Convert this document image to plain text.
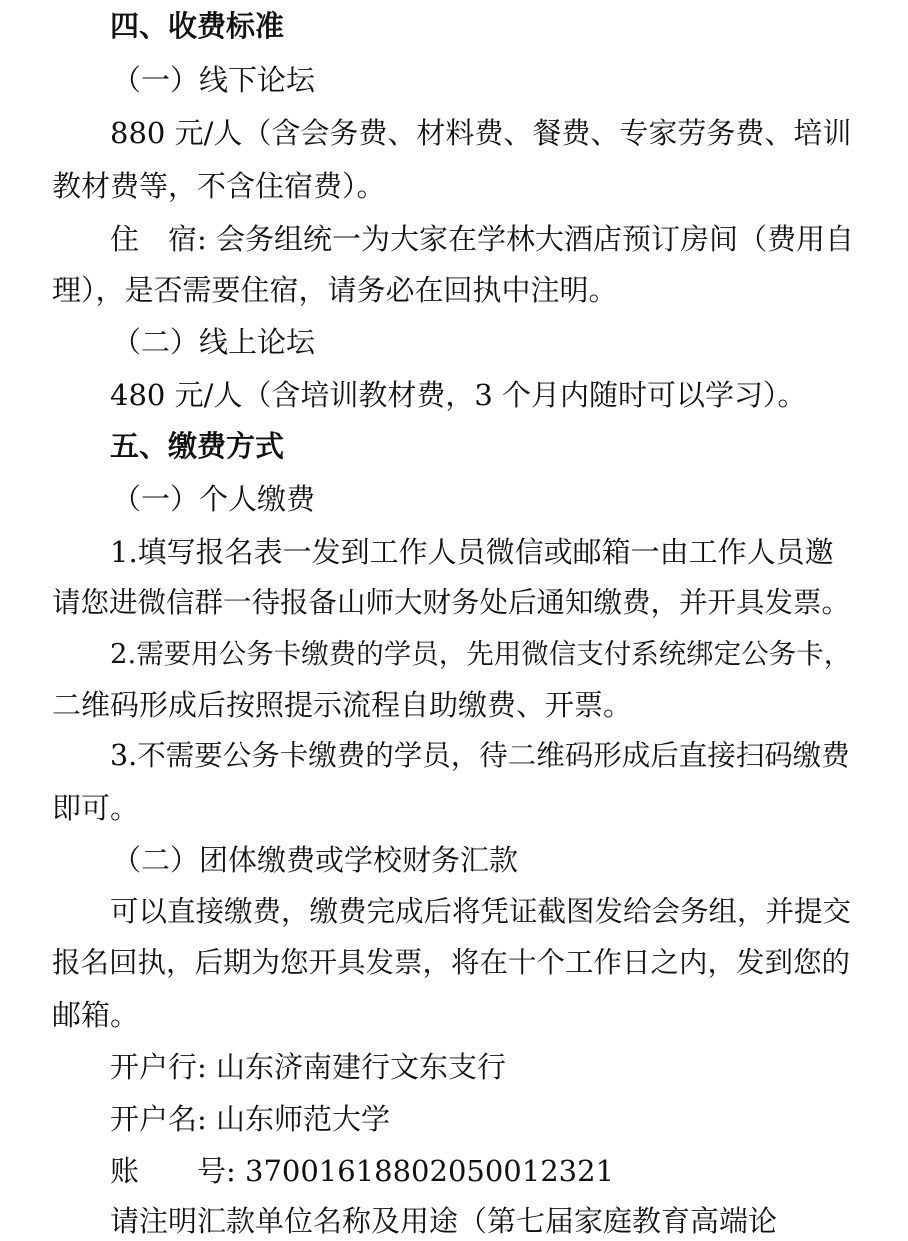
四、收费标准
（一）线下论坛
880 元/人（含会务费、材料费、餐费、专家劳务费、培训
教材费等，不含住宿费）。
住　宿: 会务组统一为大家在学林大酒店预订房间（费用自
理），是否需要住宿，请务必在回执中注明。
（二）线上论坛
480 元/人（含培训教材费，3 个月内随时可以学习）。
五、缴费方式
（一）个人缴费
1.填写报名表一发到工作人员微信或邮箱一由工作人员邀
请您进微信群一待报备山师大财务处后通知缴费，并开具发票。
2.需要用公务卡缴费的学员，先用微信支付系统绑定公务卡，
二维码形成后按照提示流程自助缴费、开票。
3.不需要公务卡缴费的学员，待二维码形成后直接扫码缴费
即可。
（二）团体缴费或学校财务汇款
可以直接缴费，缴费完成后将凭证截图发给会务组，并提交
报名回执，后期为您开具发票，将在十个工作日之内，发到您的
邮箱。
开户行: 山东济南建行文东支行
开户名: 山东师范大学
账　　号: 37001618802050012321
请注明汇款单位名称及用途（第七届家庭教育高端论
